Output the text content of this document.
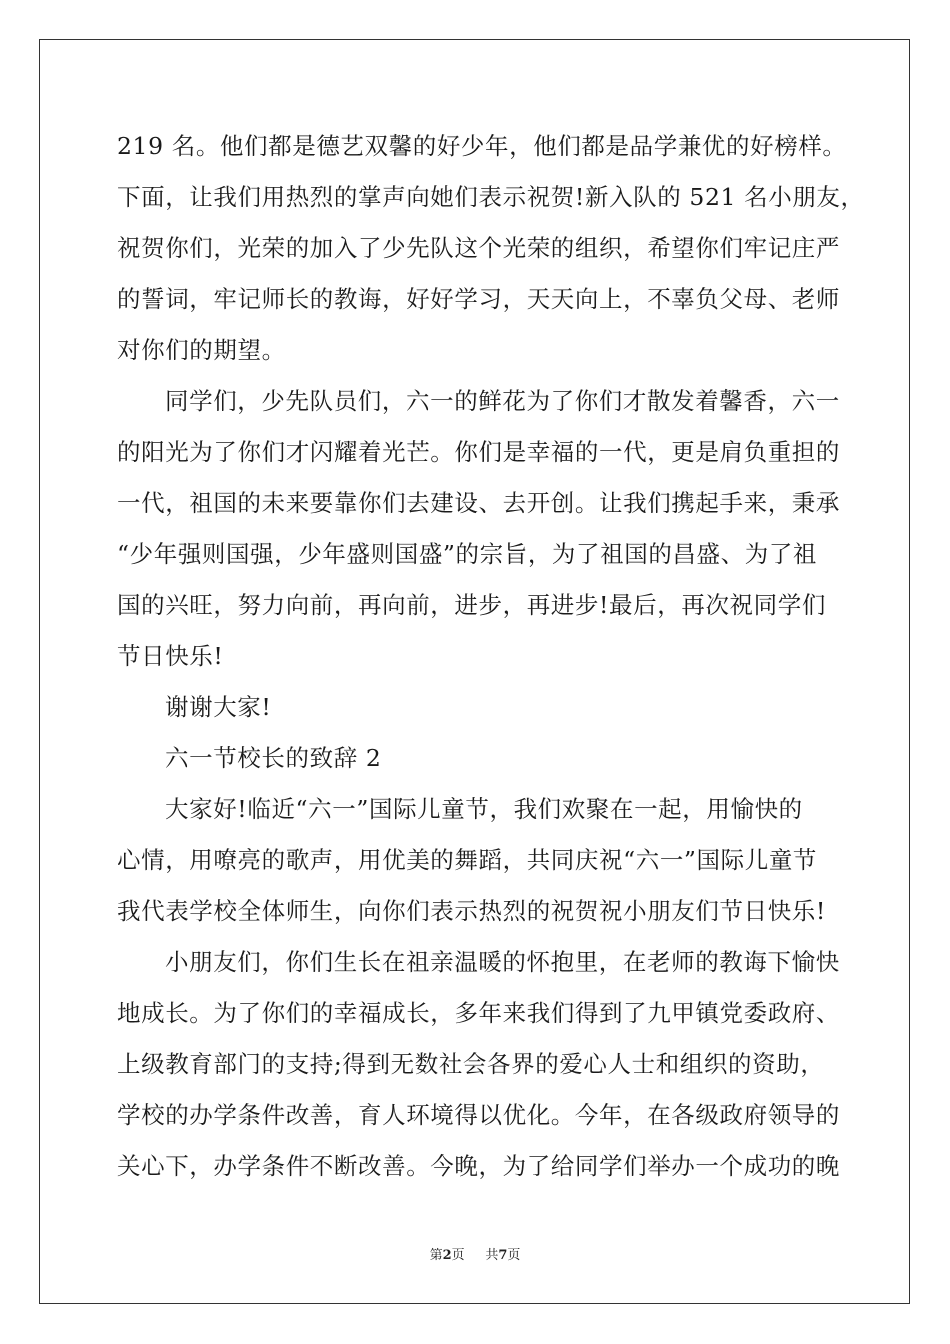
219 名。他们都是德艺双馨的好少年，他们都是品学兼优的好榜样。
下面，让我们用热烈的掌声向她们表示祝贺!新入队的 521 名小朋友，
祝贺你们，光荣的加入了少先队这个光荣的组织，希望你们牢记庄严
的誓词，牢记师长的教诲，好好学习，天天向上，不辜负父母、老师
对你们的期望。
同学们，少先队员们，六一的鲜花为了你们才散发着馨香，六一
的阳光为了你们才闪耀着光芒。你们是幸福的一代，更是肩负重担的
一代，祖国的未来要靠你们去建设、去开创。让我们携起手来，秉承
“少年强则国强，少年盛则国盛”的宗旨，为了祖国的昌盛、为了祖
国的兴旺，努力向前，再向前，进步，再进步!最后，再次祝同学们
节日快乐!
谢谢大家!
六一节校长的致辞 2
大家好!临近“六一”国际儿童节，我们欢聚在一起，用愉快的
心情，用嘹亮的歌声，用优美的舞蹈，共同庆祝“六一”国际儿童节
我代表学校全体师生，向你们表示热烈的祝贺祝小朋友们节日快乐!
小朋友们，你们生长在祖亲温暖的怀抱里，在老师的教诲下愉快
地成长。为了你们的幸福成长，多年来我们得到了九甲镇党委政府、
上级教育部门的支持;得到无数社会各界的爱心人士和组织的资助，
学校的办学条件改善，育人环境得以优化。今年，在各级政府领导的
关心下，办学条件不断改善。今晚，为了给同学们举办一个成功的晚
第2页 共7页
